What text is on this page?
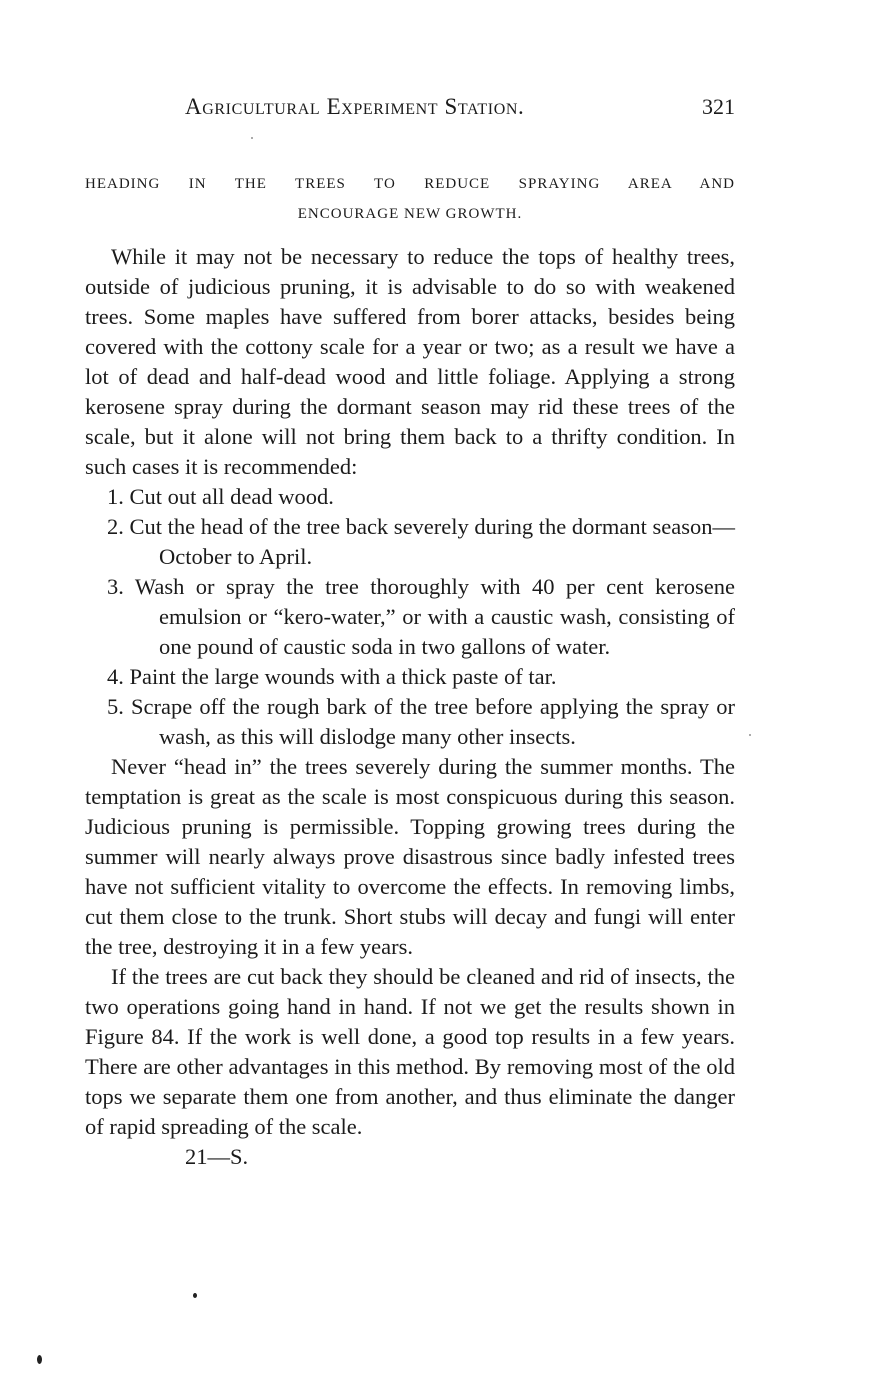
Agricultural Experiment Station.	321
HEADING IN THE TREES TO REDUCE SPRAYING AREA AND
ENCOURAGE NEW GROWTH.

While it may not be necessary to reduce the tops of healthy trees, outside of judicious pruning, it is advisable to do so with weakened trees. Some maples have suffered from borer attacks, besides being covered with the cottony scale for a year or two; as a result we have a lot of dead and half-dead wood and little foliage. Applying a strong kerosene spray during the dormant season may rid these trees of the scale, but it alone will not bring them back to a thrifty condition. In such cases it is recommended:

1. Cut out all dead wood.
2. Cut the head of the tree back severely during the dormant season—October to April.
3. Wash or spray the tree thoroughly with 40 per cent kerosene emulsion or “kero-water,” or with a caustic wash, consisting of one pound of caustic soda in two gallons of water.
4. Paint the large wounds with a thick paste of tar.
5. Scrape off the rough bark of the tree before applying the spray or wash, as this will dislodge many other insects.

Never “head in” the trees severely during the summer months. The temptation is great as the scale is most conspicuous during this season. Judicious pruning is permissible. Topping growing trees during the summer will nearly always prove disastrous since badly infested trees have not sufficient vitality to overcome the effects. In removing limbs, cut them close to the trunk. Short stubs will decay and fungi will enter the tree, destroying it in a few years.

If the trees are cut back they should be cleaned and rid of insects, the two operations going hand in hand. If not we get the results shown in Figure 84. If the work is well done, a good top results in a few years. There are other advantages in this method. By removing most of the old tops we separate them one from another, and thus eliminate the danger of rapid spreading of the scale.

21—S.
